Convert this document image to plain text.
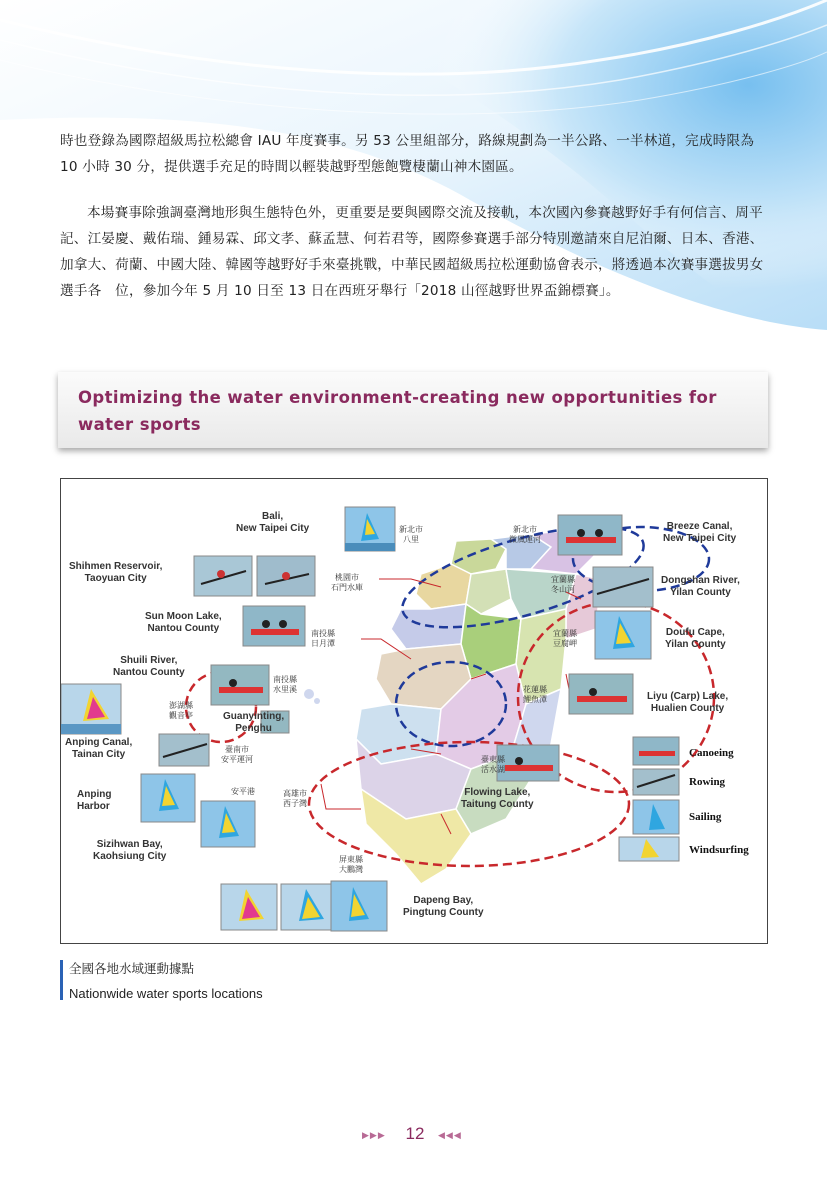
時也登錄為國際超級馬拉松總會 IAU 年度賽事。另 53 公里組部分，路線規劃為一半公路、一半林道，完成時限為 10 小時 30 分，提供選手充足的時間以輕裝越野型態飽覽棲蘭山神木園區。

本場賽事除強調臺灣地形與生態特色外，更重要是要與國際交流及接軌，本次國內參賽越野好手有何信言、周平記、江晏慶、戴佑瑞、鍾易霖、邱文孝、蘇孟慧、何若君等，國際參賽選手部分特別邀請來自尼泊爾、日本、香港、加拿大、荷蘭、中國大陸、韓國等越野好手來臺挑戰，中華民國超級馬拉松運動協會表示，將透過本次賽事選拔男女選手各　位，參加今年 5 月 10 日至 13 日在西班牙舉行「2018 山徑越野世界盃錦標賽」。

Optimizing the water environment-creating new opportunities for water sports
Bali,
New Taipei City
Shihmen Reservoir,
Taoyuan City
Sun Moon Lake,
Nantou County
Shuili River,
Nantou County
Guanyinting,
Penghu
Anping Canal,
Tainan City
Anping
Harbor
Sizihwan Bay,
Kaohsiung City
Dapeng Bay,
Pingtung County
Breeze Canal,
New Taipei City
Dongshan River,
Yilan County
Doufu Cape,
Yilan County
Liyu (Carp) Lake,
Hualien County
Flowing Lake,
Taitung County
新北市
八里
新北市
微風運河
桃園市
石門水庫
宜蘭縣
冬山河
南投縣
日月潭
宜蘭縣
豆腐岬
南投縣
水里溪	花蓮縣
鯉魚潭
澎湖縣
觀音亭
臺南市
安平運河	臺東縣
活水湖
安平港	高雄市
西子灣
屏東縣
大鵬灣
Canoeing
Rowing
Sailing
Windsurfing
全國各地水域運動據點
Nationwide water sports locations
▶▶▶	12	◀◀◀
